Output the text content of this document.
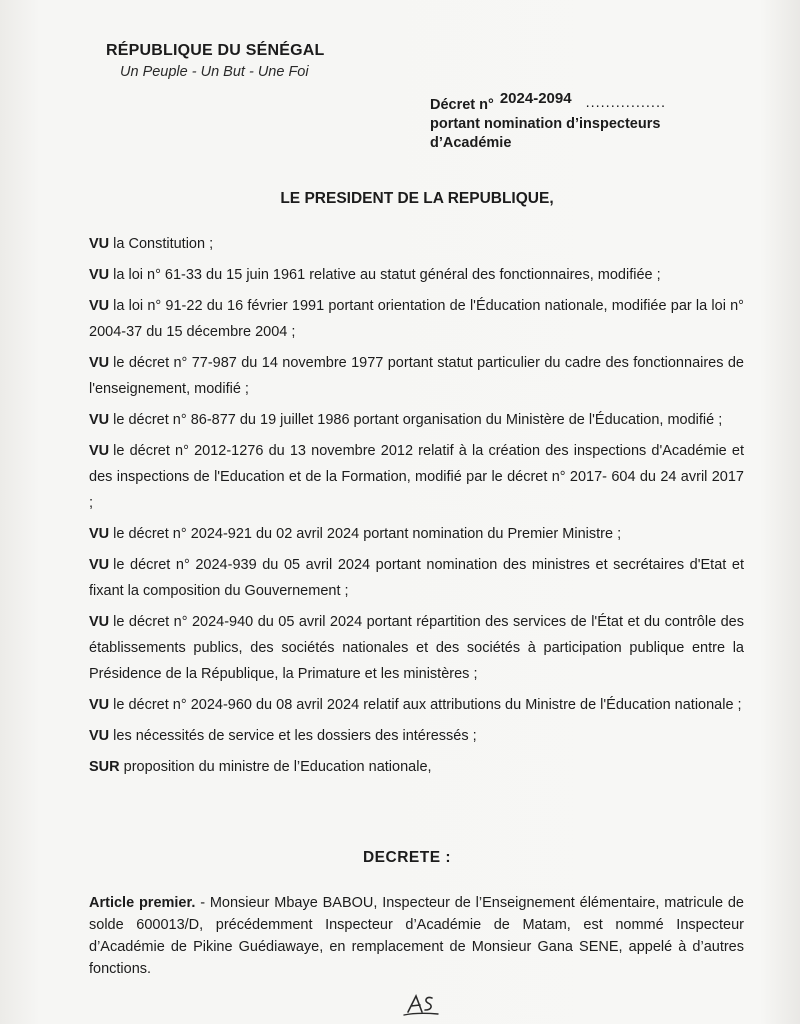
RÉPUBLIQUE DU SÉNÉGAL
Un Peuple - Un But - Une Foi
Décret n° 2024-2094 ................
portant nomination d’inspecteurs
d’Académie
LE PRESIDENT DE LA REPUBLIQUE,

VU la Constitution ;

VU la loi n° 61-33 du 15 juin 1961 relative au statut général des fonctionnaires, modifiée ;

VU la loi n° 91-22 du 16 février 1991 portant orientation de l'Éducation nationale, modifiée par la loi n° 2004-37 du 15 décembre 2004 ;

VU le décret n° 77-987 du 14 novembre 1977 portant statut particulier du cadre des fonctionnaires de l'enseignement, modifié ;

VU le décret n° 86-877 du 19 juillet 1986 portant organisation du Ministère de l'Éducation, modifié ;

VU le décret n° 2012-1276 du 13 novembre 2012 relatif à la création des inspections d'Académie et des inspections de l'Education et de la Formation, modifié par le décret n° 2017- 604 du 24 avril 2017 ;

VU le décret n° 2024-921 du 02 avril 2024 portant nomination du Premier Ministre ;

VU le décret n° 2024-939 du 05 avril 2024 portant nomination des ministres et secrétaires d'Etat et fixant la composition du Gouvernement ;

VU le décret n° 2024-940 du 05 avril 2024 portant répartition des services de l'État et du contrôle des établissements publics, des sociétés nationales et des sociétés à participation publique entre la Présidence de la République, la Primature et les ministères ;

VU le décret n° 2024-960 du 08 avril 2024 relatif aux attributions du Ministre de l'Éducation nationale ;

VU les nécessités de service et les dossiers des intéressés ;

SUR proposition du ministre de l’Education nationale,

DECRETE :

Article premier. - Monsieur Mbaye BABOU, Inspecteur de l’Enseignement élémentaire, matricule de solde 600013/D, précédemment Inspecteur d’Académie de Matam, est nommé Inspecteur d’Académie de Pikine Guédiawaye, en remplacement de Monsieur Gana SENE, appelé à d’autres fonctions.
